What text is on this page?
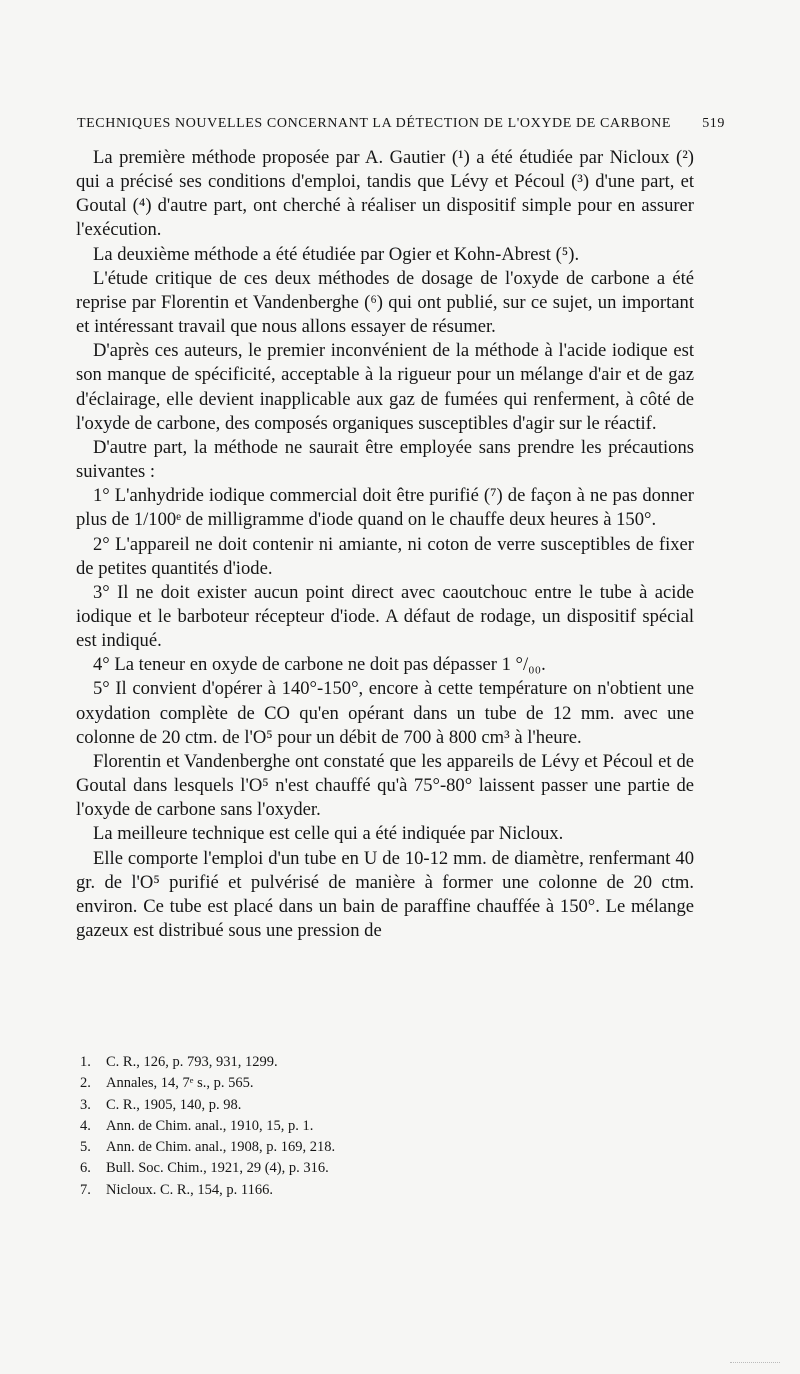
TECHNIQUES NOUVELLES CONCERNANT LA DÉTECTION DE L'OXYDE DE CARBONE 519

La première méthode proposée par A. Gautier (¹) a été étudiée par Nicloux (²) qui a précisé ses conditions d'emploi, tandis que Lévy et Pécoul (³) d'une part, et Goutal (⁴) d'autre part, ont cherché à réaliser un dispositif simple pour en assurer l'exécution.

La deuxième méthode a été étudiée par Ogier et Kohn-Abrest (⁵).

L'étude critique de ces deux méthodes de dosage de l'oxyde de carbone a été reprise par Florentin et Vandenberghe (⁶) qui ont publié, sur ce sujet, un important et intéressant travail que nous allons essayer de résumer.

D'après ces auteurs, le premier inconvénient de la méthode à l'acide iodique est son manque de spécificité, acceptable à la rigueur pour un mélange d'air et de gaz d'éclairage, elle devient inapplicable aux gaz de fumées qui renferment, à côté de l'oxyde de carbone, des composés organiques susceptibles d'agir sur le réactif.

D'autre part, la méthode ne saurait être employée sans prendre les précautions suivantes :

1° L'anhydride iodique commercial doit être purifié (⁷) de façon à ne pas donner plus de 1/100ᵉ de milligramme d'iode quand on le chauffe deux heures à 150°.

2° L'appareil ne doit contenir ni amiante, ni coton de verre susceptibles de fixer de petites quantités d'iode.

3° Il ne doit exister aucun point direct avec caoutchouc entre le tube à acide iodique et le barboteur récepteur d'iode. A défaut de rodage, un dispositif spécial est indiqué.

4° La teneur en oxyde de carbone ne doit pas dépasser 1 °/₀₀.

5° Il convient d'opérer à 140°-150°, encore à cette température on n'obtient une oxydation complète de CO qu'en opérant dans un tube de 12 mm. avec une colonne de 20 ctm. de l'O⁵ pour un débit de 700 à 800 cm³ à l'heure.

Florentin et Vandenberghe ont constaté que les appareils de Lévy et Pécoul et de Goutal dans lesquels l'O⁵ n'est chauffé qu'à 75°-80° laissent passer une partie de l'oxyde de carbone sans l'oxyder.

La meilleure technique est celle qui a été indiquée par Nicloux.

Elle comporte l'emploi d'un tube en U de 10-12 mm. de diamètre, renfermant 40 gr. de l'O⁵ purifié et pulvérisé de manière à former une colonne de 20 ctm. environ. Ce tube est placé dans un bain de paraffine chauffée à 150°. Le mélange gazeux est distribué sous une pression de

1.	C. R., 126, p. 793, 931, 1299.
2.	Annales, 14, 7ᵉ s., p. 565.
3.	C. R., 1905, 140, p. 98.
4.	Ann. de Chim. anal., 1910, 15, p. 1.
5.	Ann. de Chim. anal., 1908, p. 169, 218.
6.	Bull. Soc. Chim., 1921, 29 (4), p. 316.
7.	Nicloux. C. R., 154, p. 1166.
